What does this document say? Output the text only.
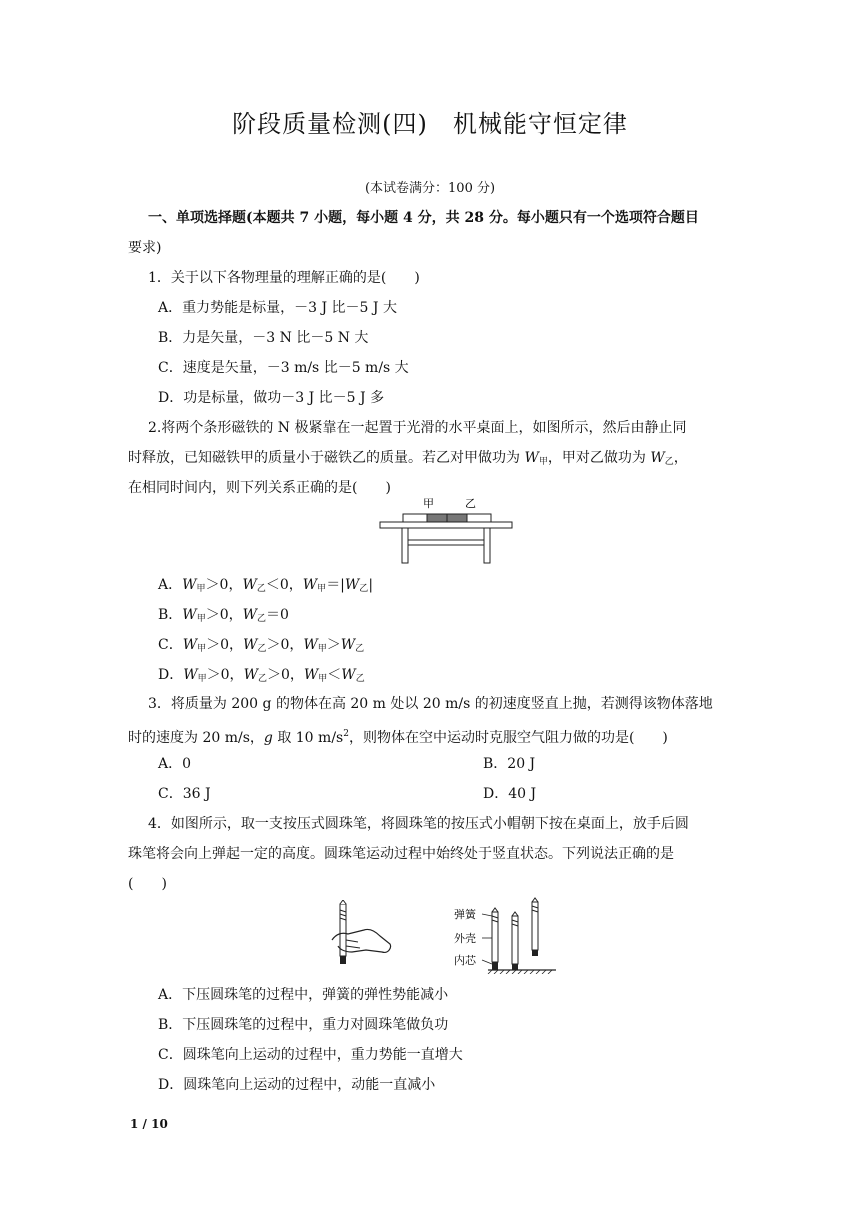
阶段质量检测(四)　机械能守恒定律
(本试卷满分：100 分)
一、单项选择题(本题共 7 小题，每小题 4 分，共 28 分。每小题只有一个选项符合题目
要求)
1．关于以下各物理量的理解正确的是(　　)
A．重力势能是标量，－3 J 比－5 J 大
B．力是矢量，－3 N 比－5 N 大
C．速度是矢量，－3 m/s 比－5 m/s 大
D．功是标量，做功－3 J 比－5 J 多
2.将两个条形磁铁的 N 极紧靠在一起置于光滑的水平桌面上，如图所示，然后由静止同
时释放，已知磁铁甲的质量小于磁铁乙的质量。若乙对甲做功为 $W_甲$，甲对乙做功为 $W_乙$，
在相同时间内，则下列关系正确的是(　　)
甲	乙
A．$W_甲>0$，$W_乙<0$，$W_甲=|W_乙|$
B．$W_甲>0$，$W_乙=0$
C．$W_甲>0$，$W_乙>0$，$W_甲>W_乙$
D．$W_甲>0$，$W_乙>0$，$W_甲<W_乙$
3．将质量为 200 g 的物体在高 20 m 处以 20 m/s 的初速度竖直上抛，若测得该物体落地
时的速度为 20 m/s，g 取 10 $m/s^2$，则物体在空中运动时克服空气阻力做的功是(　　)
A．0	B．20 J
C．36 J	D．40 J
4．如图所示，取一支按压式圆珠笔，将圆珠笔的按压式小帽朝下按在桌面上，放手后圆
珠笔将会向上弹起一定的高度。圆珠笔运动过程中始终处于竖直状态。下列说法正确的是
(　　)
弹簧
外壳
内芯
A．下压圆珠笔的过程中，弹簧的弹性势能减小
B．下压圆珠笔的过程中，重力对圆珠笔做负功
C．圆珠笔向上运动的过程中，重力势能一直增大
D．圆珠笔向上运动的过程中，动能一直减小
1 / 10
